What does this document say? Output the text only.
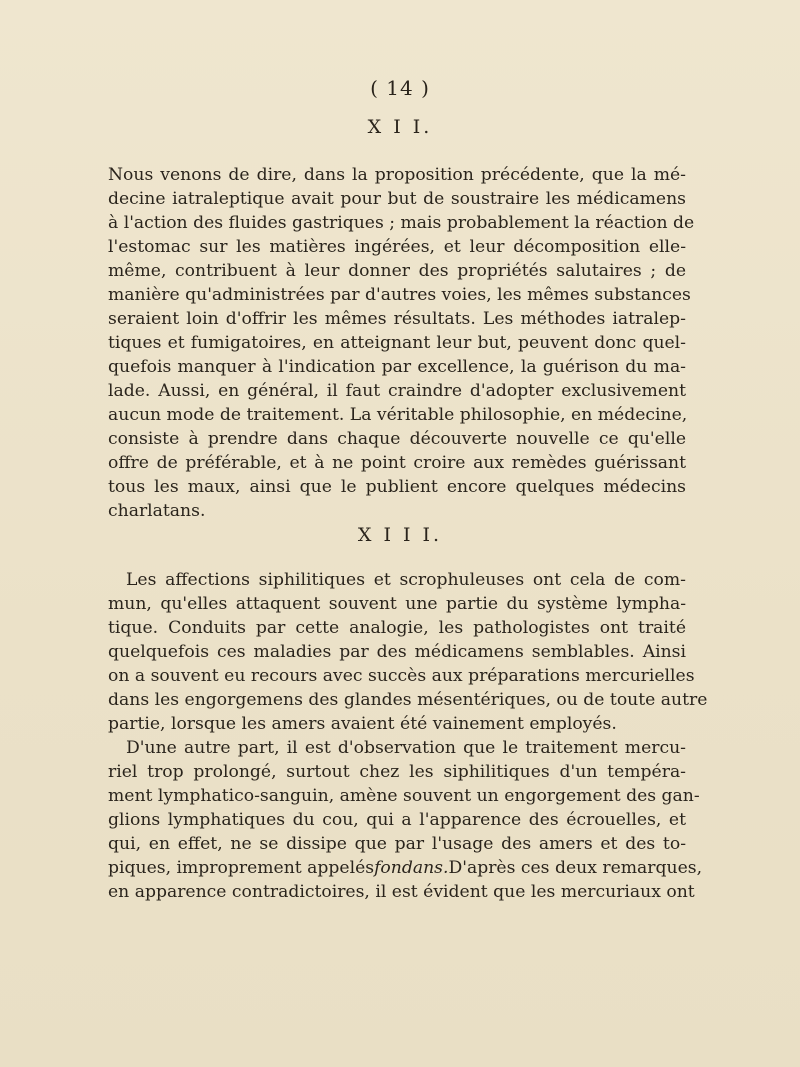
( 14 )
X I I.

Nous venons de dire, dans la proposition précédente, que la mé-
decine iatraleptique avait pour but de soustraire les médicamens
à l'action des fluides gastriques ; mais probablement la réaction de
l'estomac sur les matières ingérées, et leur décomposition elle-
même, contribuent à leur donner des propriétés salutaires ; de
manière qu'administrées par d'autres voies, les mêmes substances
seraient loin d'offrir les mêmes résultats. Les méthodes iatralep-
tiques et fumigatoires, en atteignant leur but, peuvent donc quel-
quefois manquer à l'indication par excellence, la guérison du ma-
lade. Aussi, en général, il faut craindre d'adopter exclusivement
aucun mode de traitement. La véritable philosophie, en médecine,
consiste à prendre dans chaque découverte nouvelle ce qu'elle
offre de préférable, et à ne point croire aux remèdes guérissant
tous les maux, ainsi que le publient encore quelques médecins
charlatans.

X I I I.

Les affections siphilitiques et scrophuleuses ont cela de com-
mun, qu'elles attaquent souvent une partie du système lympha-
tique. Conduits par cette analogie, les pathologistes ont traité
quelquefois ces maladies par des médicamens semblables. Ainsi
on a souvent eu recours avec succès aux préparations mercurielles
dans les engorgemens des glandes mésentériques, ou de toute autre
partie, lorsque les amers avaient été vainement employés.

D'une autre part, il est d'observation que le traitement mercu-
riel trop prolongé, surtout chez les siphilitiques d'un tempéra-
ment lymphatico-sanguin, amène souvent un engorgement des gan-
glions lymphatiques du cou, qui a l'apparence des écrouelles, et
qui, en effet, ne se dissipe que par l'usage des amers et des to-
piques, improprement appelésfondans.D'après ces deux remarques,
en apparence contradictoires, il est évident que les mercuriaux ont
